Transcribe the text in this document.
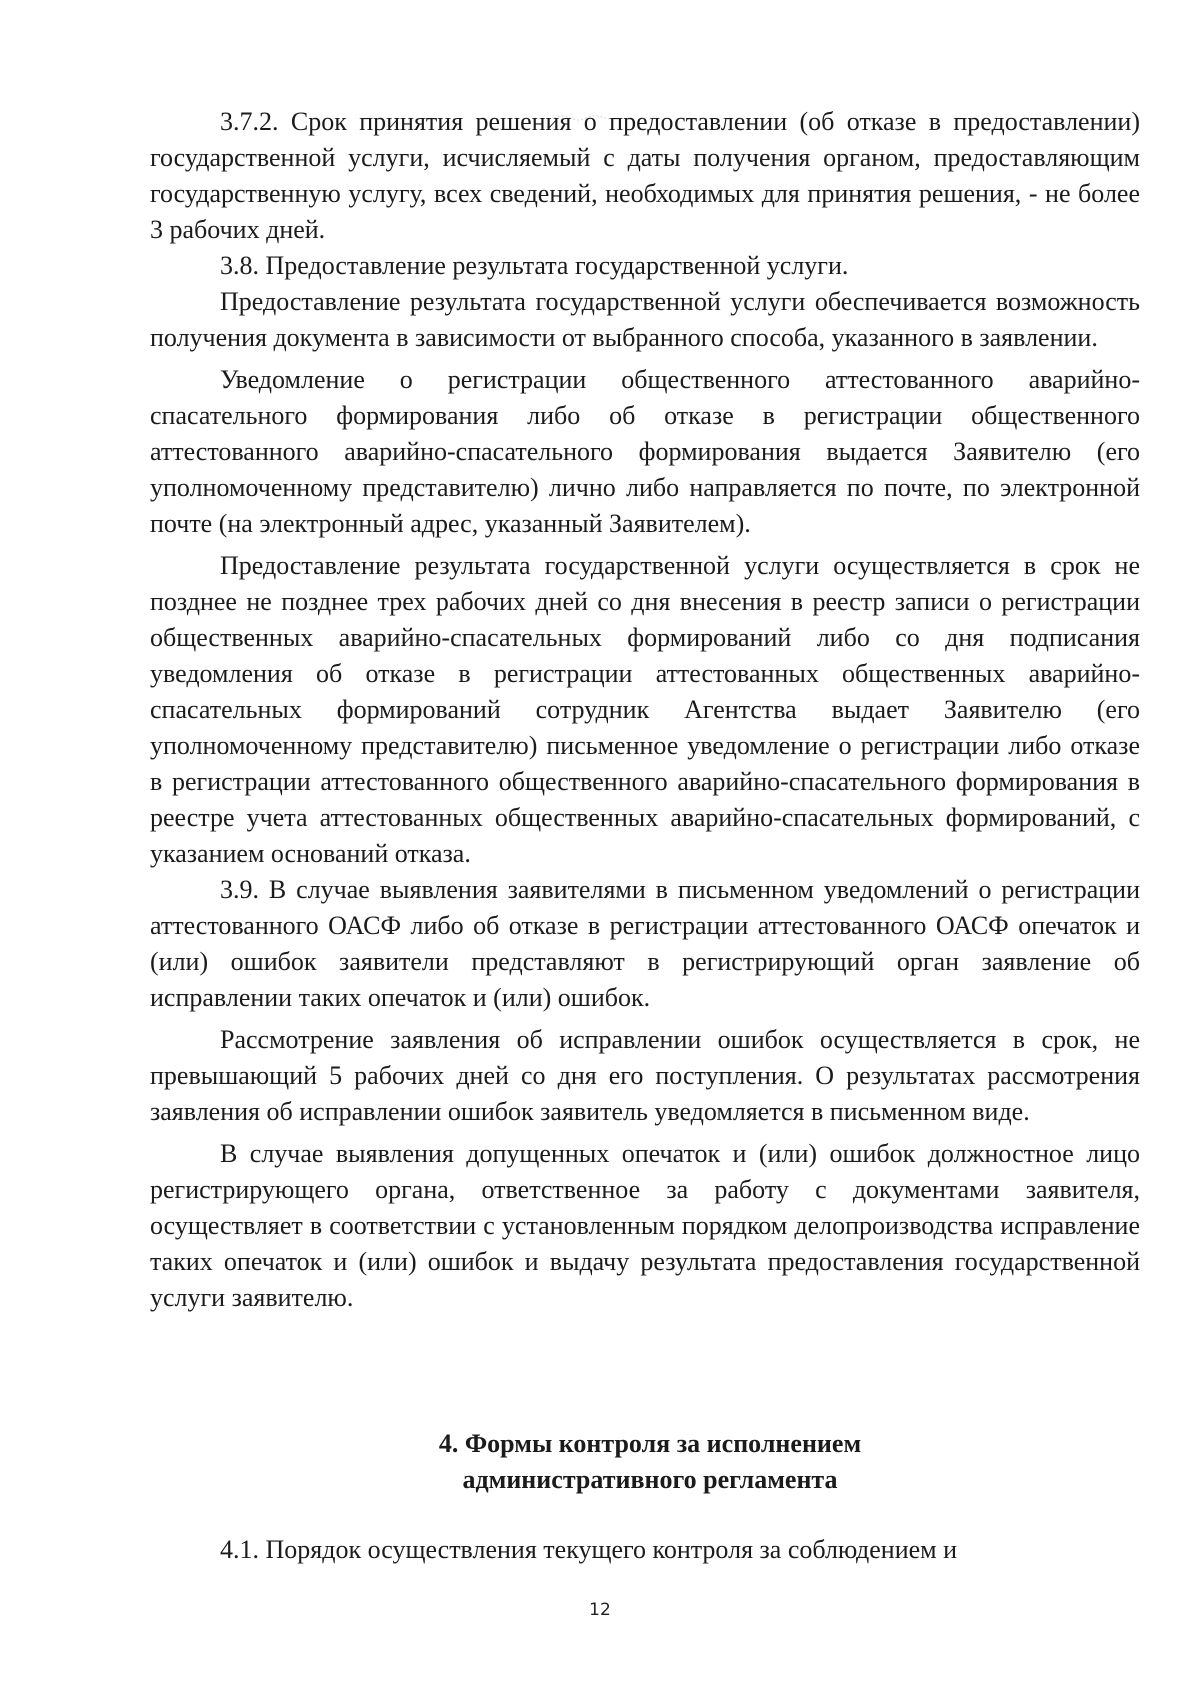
3.7.2. Срок принятия решения о предоставлении (об отказе в предоставлении) государственной услуги, исчисляемый с даты получения органом, предоставляющим государственную услугу, всех сведений, необходимых для принятия решения, - не более 3 рабочих дней.

3.8. Предоставление результата государственной услуги.

Предоставление результата государственной услуги обеспечивается возможность получения документа в зависимости от выбранного способа, указанного в заявлении.

Уведомление о регистрации общественного аттестованного аварийно-спасательного формирования либо об отказе в регистрации общественного аттестованного аварийно-спасательного формирования выдается Заявителю (его уполномоченному представителю) лично либо направляется по почте, по электронной почте (на электронный адрес, указанный Заявителем).

Предоставление результата государственной услуги осуществляется в срок не позднее не позднее трех рабочих дней со дня внесения в реестр записи о регистрации общественных аварийно-спасательных формирований либо со дня подписания уведомления об отказе в регистрации аттестованных общественных аварийно-спасательных формирований сотрудник Агентства выдает Заявителю (его уполномоченному представителю) письменное уведомление о регистрации либо отказе в регистрации аттестованного общественного аварийно-спасательного формирования в реестре учета аттестованных общественных аварийно-спасательных формирований, с указанием оснований отказа.

3.9. В случае выявления заявителями в письменном уведомлений о регистрации аттестованного ОАСФ либо об отказе в регистрации аттестованного ОАСФ опечаток и (или) ошибок заявители представляют в регистрирующий орган заявление об исправлении таких опечаток и (или) ошибок.

Рассмотрение заявления об исправлении ошибок осуществляется в срок, не превышающий 5 рабочих дней со дня его поступления. О результатах рассмотрения заявления об исправлении ошибок заявитель уведомляется в письменном виде.

В случае выявления допущенных опечаток и (или) ошибок должностное лицо регистрирующего органа, ответственное за работу с документами заявителя, осуществляет в соответствии с установленным порядком делопроизводства исправление таких опечаток и (или) ошибок и выдачу результата предоставления государственной услуги заявителю.

4. Формы контроля за исполнением
административного регламента

4.1. Порядок осуществления текущего контроля за соблюдением и

12
